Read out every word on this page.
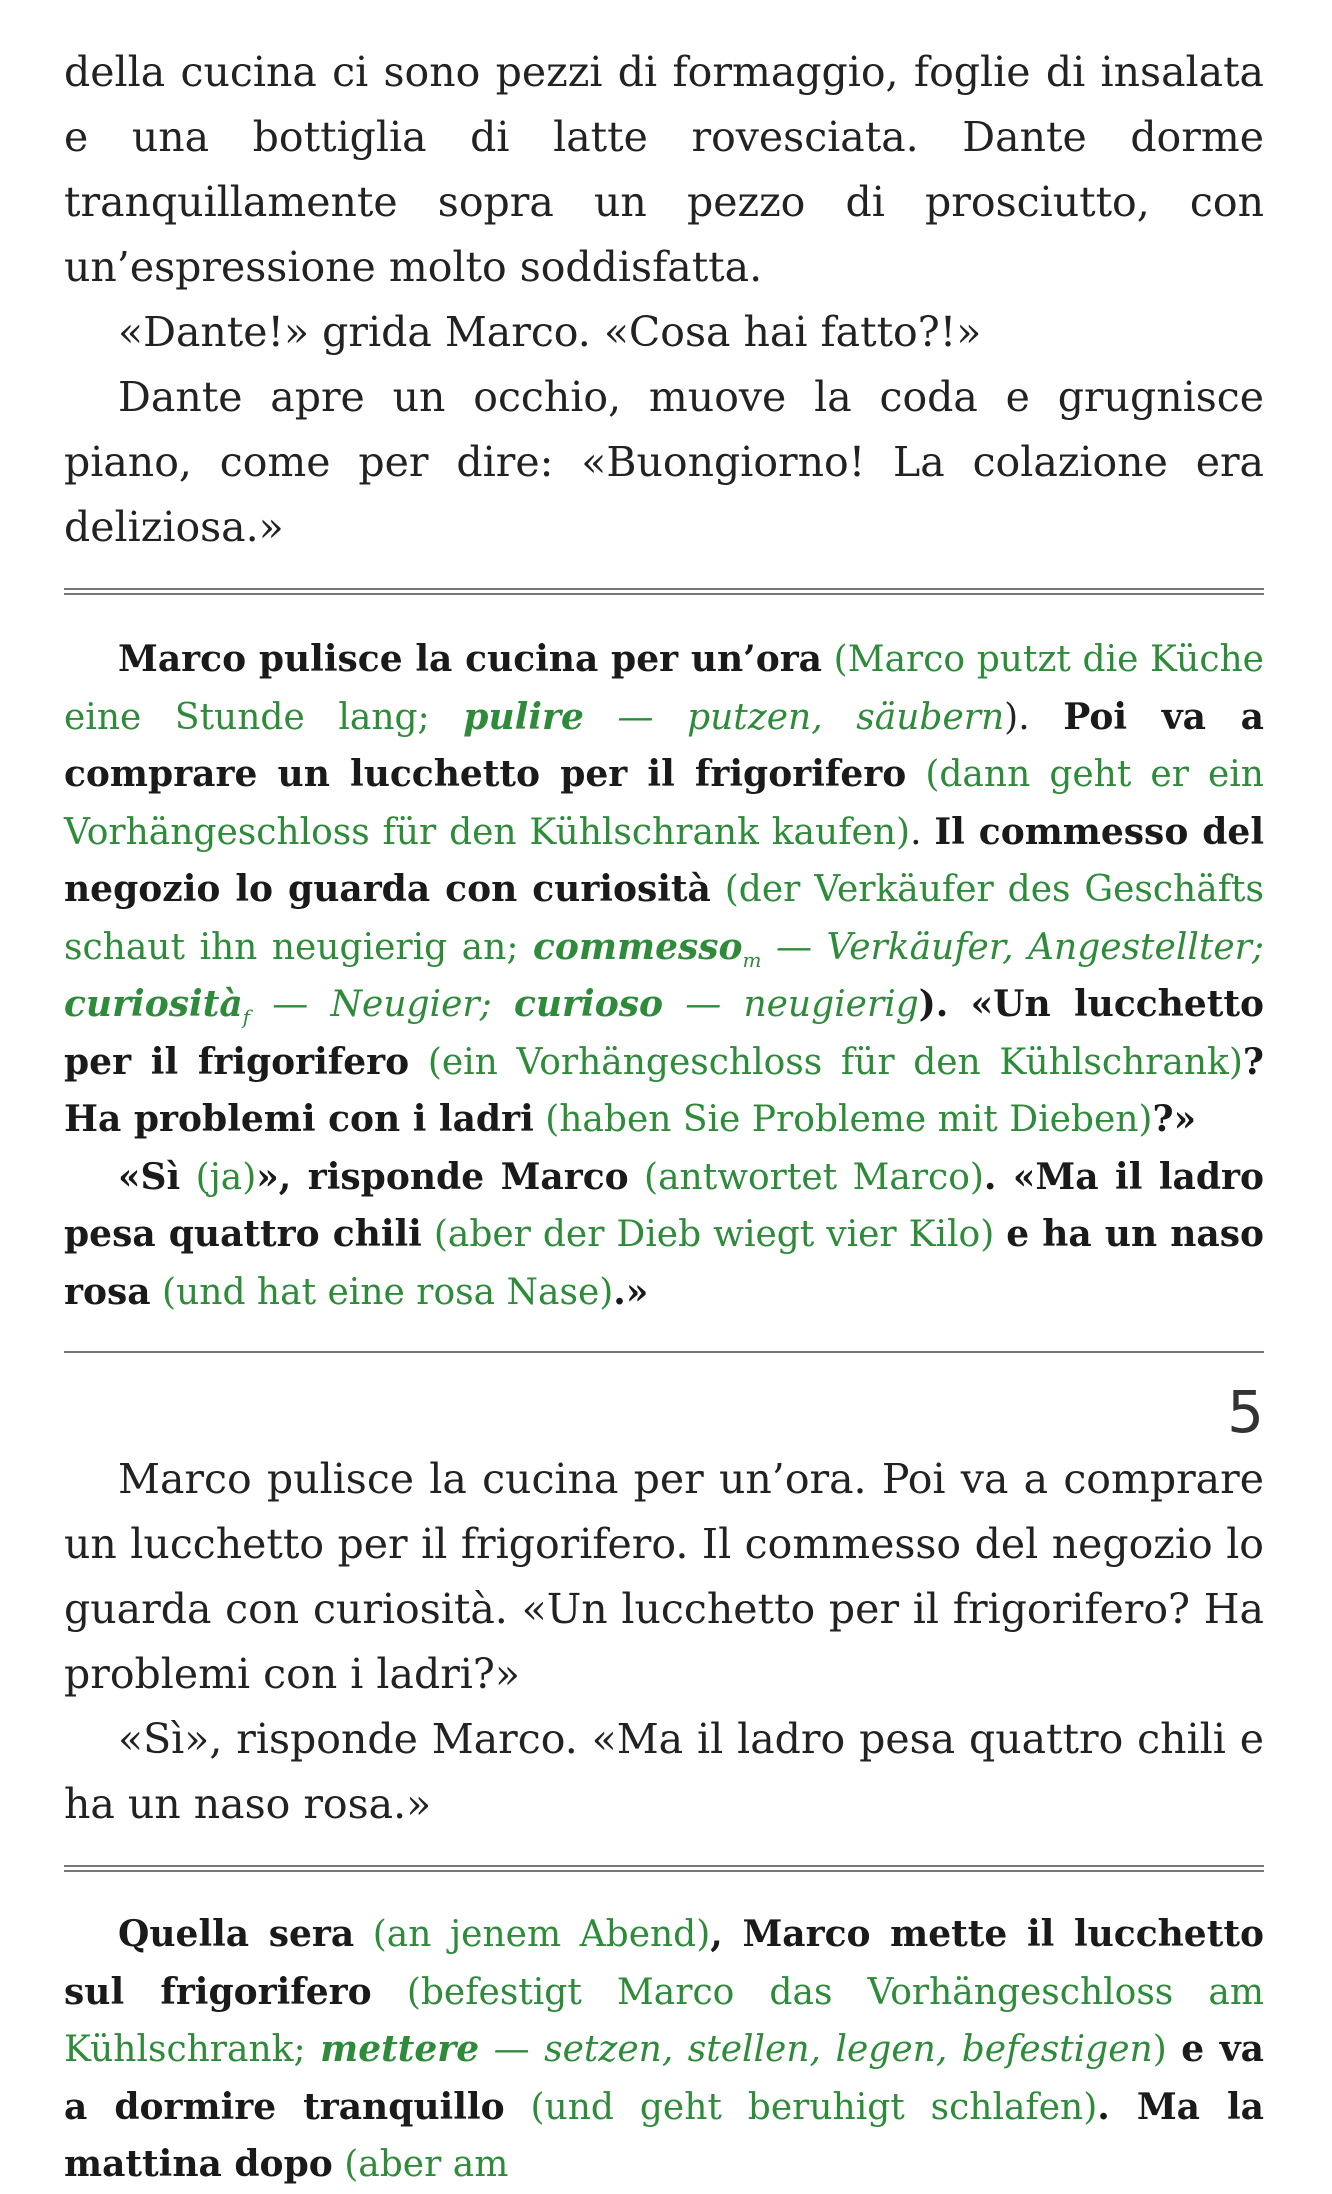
della cucina ci sono pezzi di formaggio, foglie di insalata e una bottiglia di latte rovesciata. Dante dorme tranquillamente sopra un pezzo di prosciutto, con un’espressione molto soddisfatta.

«Dante!» grida Marco. «Cosa hai fatto?!»

Dante apre un occhio, muove la coda e grugnisce piano, come per dire: «Buongiorno! La colazione era deliziosa.»

Marco pulisce la cucina per un’ora (Marco putzt die Küche eine Stunde lang; pulire — putzen, säubern). Poi va a comprare un lucchetto per il frigorifero (dann geht er ein Vorhängeschloss für den Kühlschrank kaufen). Il commesso del negozio lo guarda con curiosità (der Verkäufer des Geschäfts schaut ihn neugierig an; commesso$_m$ — Verkäufer, Angestellter; curiosità$_f$ — Neugier; curioso — neugierig). «Un lucchetto per il frigorifero (ein Vorhängeschloss für den Kühlschrank)? Ha problemi con i ladri (haben Sie Probleme mit Dieben)?»

«Sì (ja)», risponde Marco (antwortet Marco). «Ma il ladro pesa quattro chili (aber der Dieb wiegt vier Kilo) e ha un naso rosa (und hat eine rosa Nase).»

5

Marco pulisce la cucina per un’ora. Poi va a comprare un lucchetto per il frigorifero. Il commesso del negozio lo guarda con curiosità. «Un lucchetto per il frigorifero? Ha problemi con i ladri?»

«Sì», risponde Marco. «Ma il ladro pesa quattro chili e ha un naso rosa.»

Quella sera (an jenem Abend), Marco mette il lucchetto sul frigorifero (befestigt Marco das Vorhängeschloss am Kühlschrank; mettere — setzen, stellen, legen, befestigen) e va a dormire tranquillo (und geht beruhigt schlafen). Ma la mattina dopo (aber am
